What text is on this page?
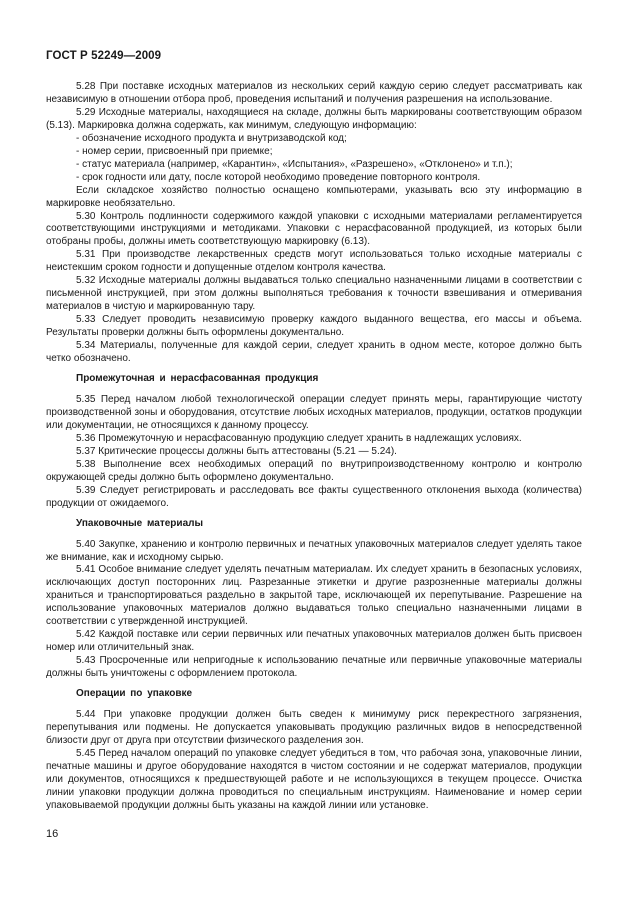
ГОСТ Р 52249—2009

5.28 При поставке исходных материалов из нескольких серий каждую серию следует рассматривать как независимую в отношении отбора проб, проведения испытаний и получения разрешения на использование.

5.29 Исходные материалы, находящиеся на складе, должны быть маркированы соответствующим образом (5.13). Маркировка должна содержать, как минимум, следующую информацию:

- обозначение исходного продукта и внутризаводской код;

- номер серии, присвоенный при приемке;

- статус материала (например, «Карантин», «Испытания», «Разрешено», «Отклонено» и т.п.);

- срок годности или дату, после которой необходимо проведение повторного контроля.

Если складское хозяйство полностью оснащено компьютерами, указывать всю эту информацию в маркировке необязательно.

5.30 Контроль подлинности содержимого каждой упаковки с исходными материалами регламентируется соответствующими инструкциями и методиками. Упаковки с нерасфасованной продукцией, из которых были отобраны пробы, должны иметь соответствующую маркировку (6.13).

5.31 При производстве лекарственных средств могут использоваться только исходные материалы с неистекшим сроком годности и допущенные отделом контроля качества.

5.32 Исходные материалы должны выдаваться только специально назначенными лицами в соответствии с письменной инструкцией, при этом должны выполняться требования к точности взвешивания и отмеривания материалов в чистую и маркированную тару.

5.33 Следует проводить независимую проверку каждого выданного вещества, его массы и объема. Результаты проверки должны быть оформлены документально.

5.34 Материалы, полученные для каждой серии, следует хранить в одном месте, которое должно быть четко обозначено.

Промежуточная и нерасфасованная продукция

5.35 Перед началом любой технологической операции следует принять меры, гарантирующие чистоту производственной зоны и оборудования, отсутствие любых исходных материалов, продукции, остатков продукции или документации, не относящихся к данному процессу.

5.36 Промежуточную и нерасфасованную продукцию следует хранить в надлежащих условиях.

5.37 Критические процессы должны быть аттестованы (5.21 — 5.24).

5.38 Выполнение всех необходимых операций по внутрипроизводственному контролю и контролю окружающей среды должно быть оформлено документально.

5.39 Следует регистрировать и расследовать все факты существенного отклонения выхода (количества) продукции от ожидаемого.

Упаковочные материалы

5.40 Закупке, хранению и контролю первичных и печатных упаковочных материалов следует уделять такое же внимание, как и исходному сырью.

5.41 Особое внимание следует уделять печатным материалам. Их следует хранить в безопасных условиях, исключающих доступ посторонних лиц. Разрезанные этикетки и другие разрозненные материалы должны храниться и транспортироваться раздельно в закрытой таре, исключающей их перепутывание. Разрешение на использование упаковочных материалов должно выдаваться только специально назначенными лицами в соответствии с утвержденной инструкцией.

5.42 Каждой поставке или серии первичных или печатных упаковочных материалов должен быть присвоен номер или отличительный знак.

5.43 Просроченные или непригодные к использованию печатные или первичные упаковочные материалы должны быть уничтожены с оформлением протокола.

Операции по упаковке

5.44 При упаковке продукции должен быть сведен к минимуму риск перекрестного загрязнения, перепутывания или подмены. Не допускается упаковывать продукцию различных видов в непосредственной близости друг от друга при отсутствии физического разделения зон.

5.45 Перед началом операций по упаковке следует убедиться в том, что рабочая зона, упаковочные линии, печатные машины и другое оборудование находятся в чистом состоянии и не содержат материалов, продукции или документов, относящихся к предшествующей работе и не использующихся в текущем процессе. Очистка линии упаковки продукции должна проводиться по специальным инструкциям. Наименование и номер серии упаковываемой продукции должны быть указаны на каждой линии или установке.

16
